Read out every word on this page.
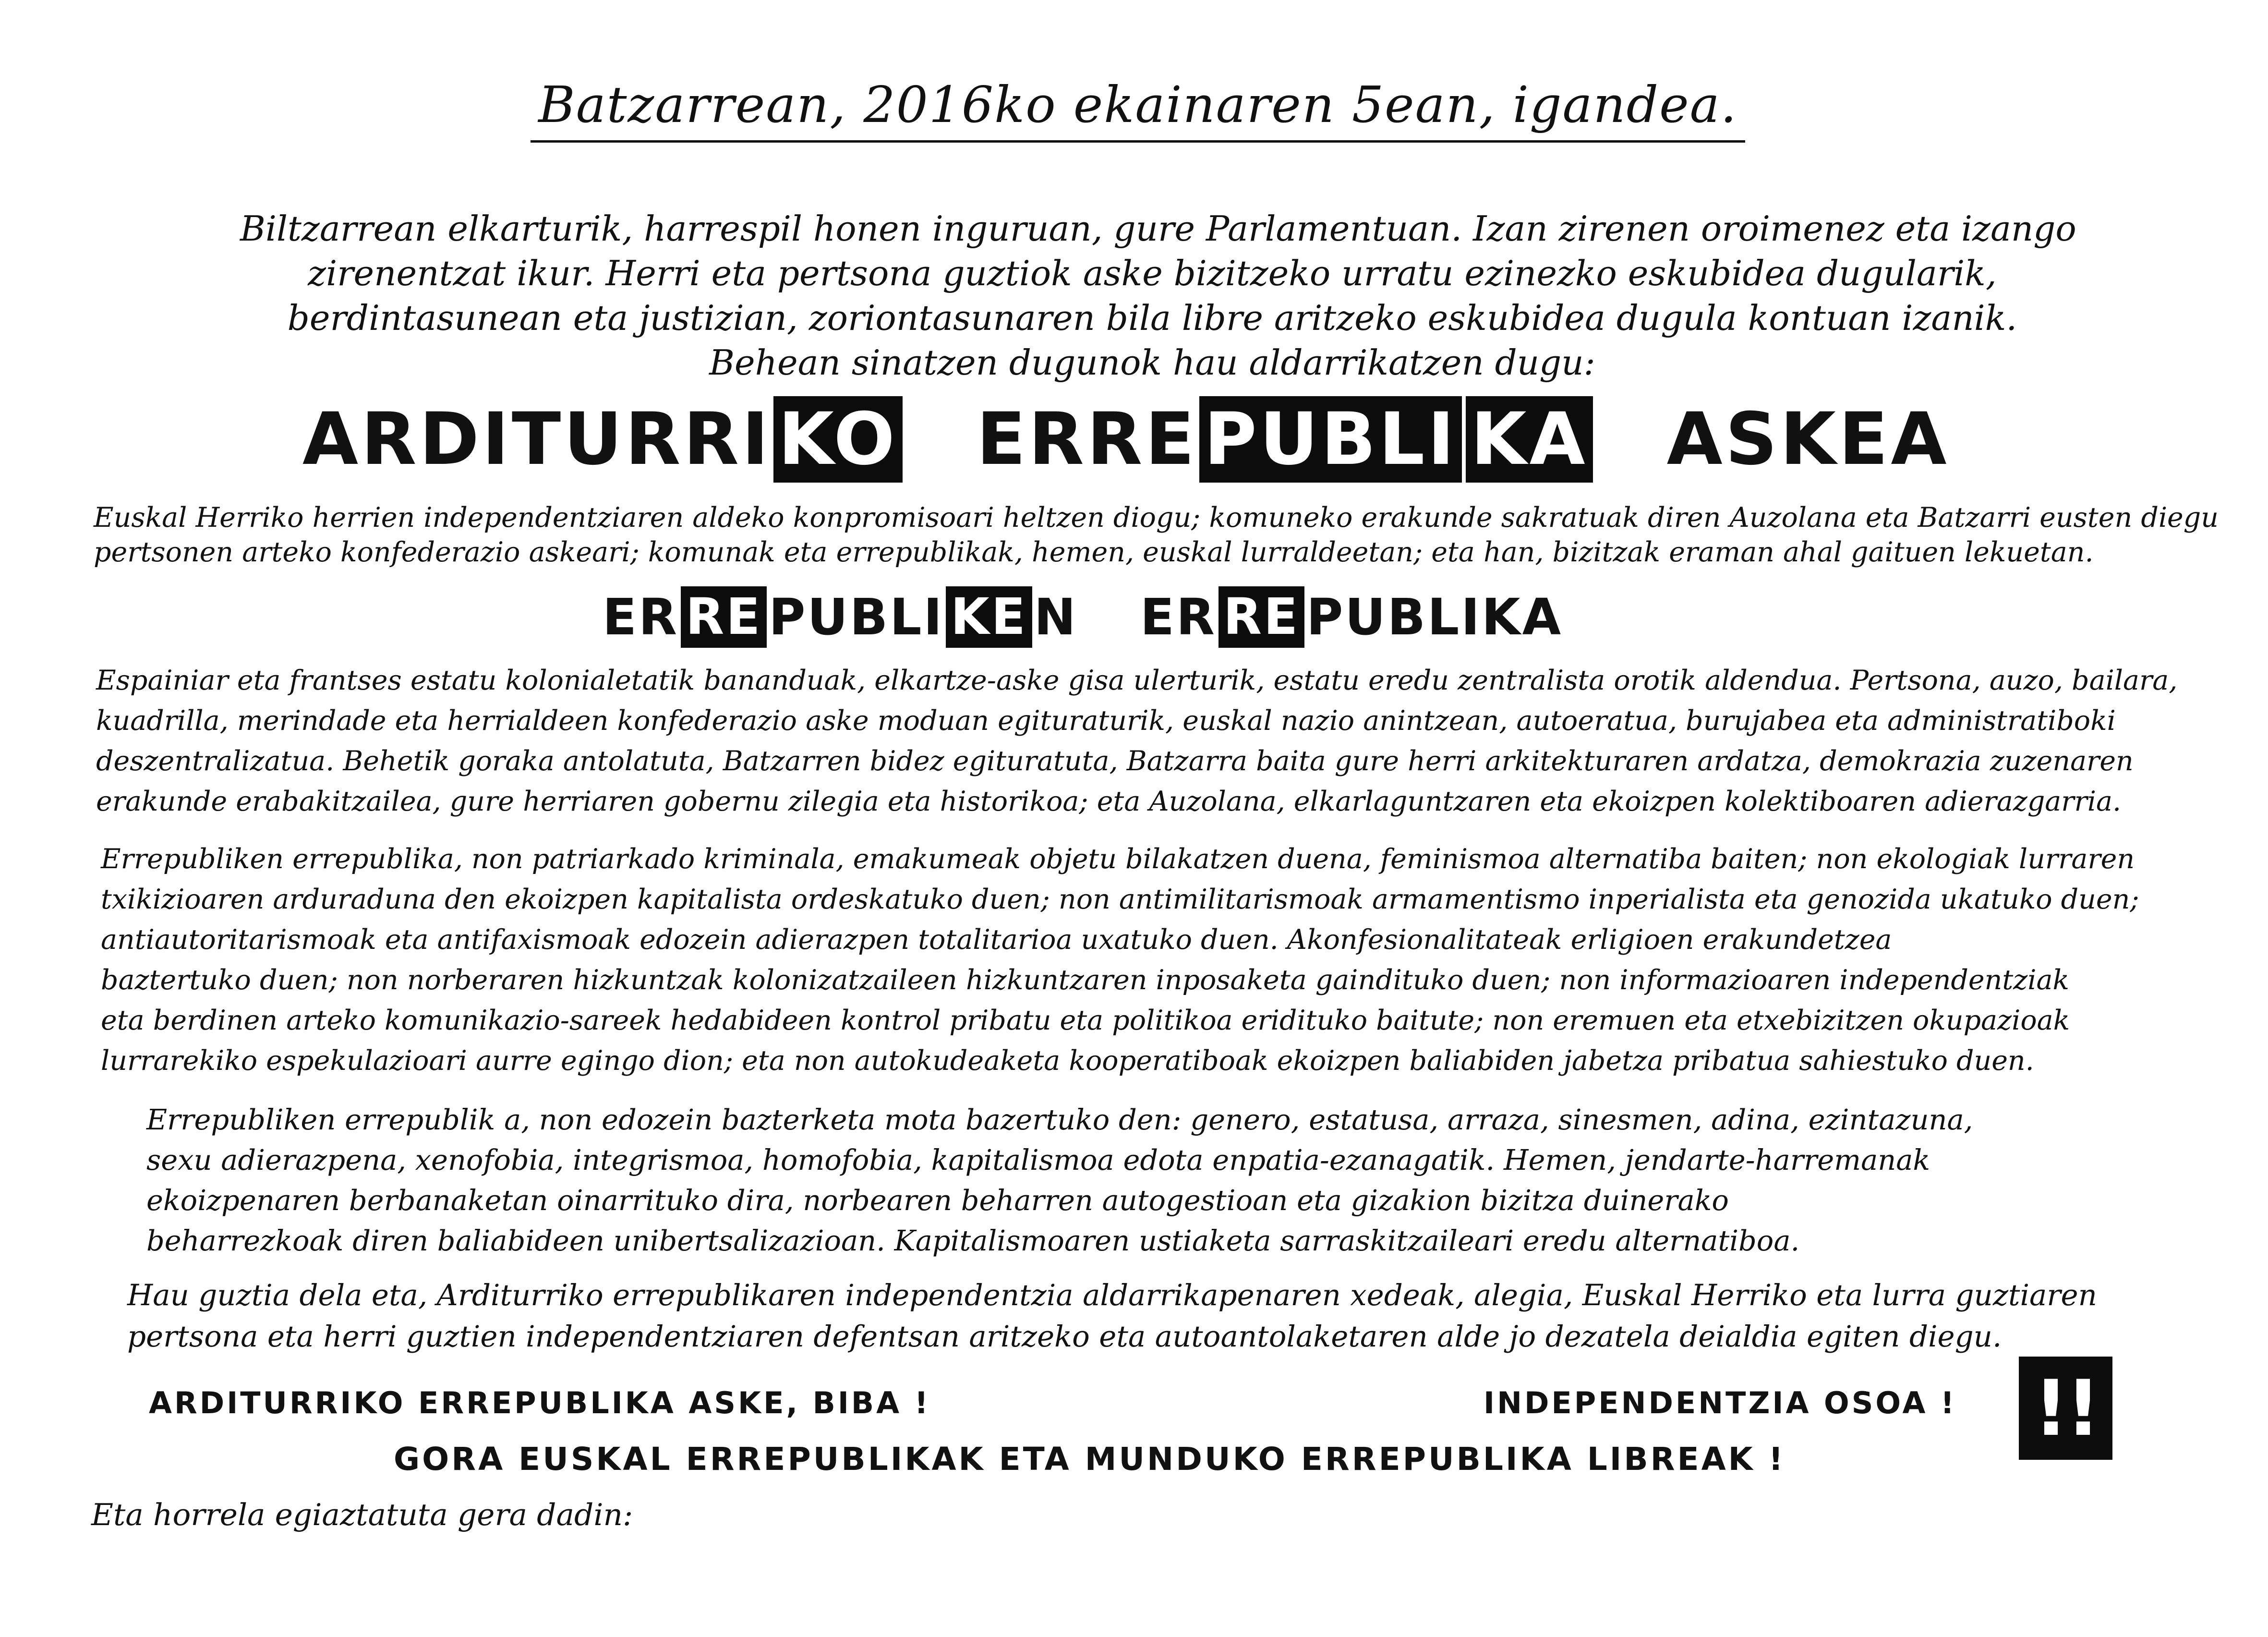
Batzarrean, 2016ko ekainaren 5ean, igandea.
Biltzarrean elkarturik, harrespil honen inguruan, gure Parlamentuan. Izan zirenen oroimenez eta izango
zirenentzat ikur. Herri eta pertsona guztiok aske bizitzeko urratu ezinezko eskubidea dugularik,
berdintasunean eta justizian, zoriontasunaren bila libre aritzeko eskubidea dugula kontuan izanik.
Behean sinatzen dugunok hau aldarrikatzen dugu:
ARDITURRI KO ERRE PUBLI KA ASKEA
Euskal Herriko herrien independentziaren aldeko konpromisoari heltzen diogu; komuneko erakunde sakratuak diren Auzolana eta Batzarri eusten diegu
pertsonen arteko konfederazio askeari; komunak eta errepublikak, hemen, euskal lurraldeetan; eta han, bizitzak eraman ahal gaituen lekuetan.
ER RE PUBLI KE N ER RE PUBLIKA
Espainiar eta frantses estatu kolonialetatik bananduak, elkartze-aske gisa ulerturik, estatu eredu zentralista orotik aldendua. Pertsona, auzo, bailara,
kuadrilla, merindade eta herrialdeen konfederazio aske moduan egituraturik, euskal nazio anintzean, autoeratua, burujabea eta administratiboki
deszentralizatua. Behetik goraka antolatuta, Batzarren bidez egituratuta, Batzarra baita gure herri arkitekturaren ardatza, demokrazia zuzenaren
erakunde erabakitzailea, gure herriaren gobernu zilegia eta historikoa; eta Auzolana, elkarlaguntzaren eta ekoizpen kolektiboaren adierazgarria.
Errepubliken errepublika, non patriarkado kriminala, emakumeak objetu bilakatzen duena, feminismoa alternatiba baiten; non ekologiak lurraren
txikizioaren arduraduna den ekoizpen kapitalista ordeskatuko duen; non antimilitarismoak armamentismo inperialista eta genozida ukatuko duen;
antiautoritarismoak eta antifaxismoak edozein adierazpen totalitarioa uxatuko duen. Akonfesionalitateak erligioen erakundetzea
baztertuko duen; non norberaren hizkuntzak kolonizatzaileen hizkuntzaren inposaketa gaindituko duen; non informazioaren independentziak
eta berdinen arteko komunikazio-sareek hedabideen kontrol pribatu eta politikoa eridituko baitute; non eremuen eta etxebizitzen okupazioak
lurrarekiko espekulazioari aurre egingo dion; eta non autokudeaketa kooperatiboak ekoizpen baliabiden jabetza pribatua sahiestuko duen.
Errepubliken errepublik a, non edozein bazterketa mota bazertuko den: genero, estatusa, arraza, sinesmen, adina, ezintazuna,
sexu adierazpena, xenofobia, integrismoa, homofobia, kapitalismoa edota enpatia-ezanagatik. Hemen, jendarte-harremanak
ekoizpenaren berbanaketan oinarrituko dira, norbearen beharren autogestioan eta gizakion bizitza duinerako
beharrezkoak diren baliabideen unibertsalizazioan. Kapitalismoaren ustiaketa sarraskitzaileari eredu alternatiboa.
Hau guztia dela eta, Arditurriko errepublikaren independentzia aldarrikapenaren xedeak, alegia, Euskal Herriko eta lurra guztiaren
pertsona eta herri guztien independentziaren defentsan aritzeko eta autoantolaketaren alde jo dezatela deialdia egiten diegu.
ARDITURRIKO ERREPUBLIKA ASKE, BIBA !	INDEPENDENTZIA OSOA ! !!
GORA EUSKAL ERREPUBLIKAK ETA MUNDUKO ERREPUBLIKA LIBREAK !
Eta horrela egiaztatuta gera dadin:
